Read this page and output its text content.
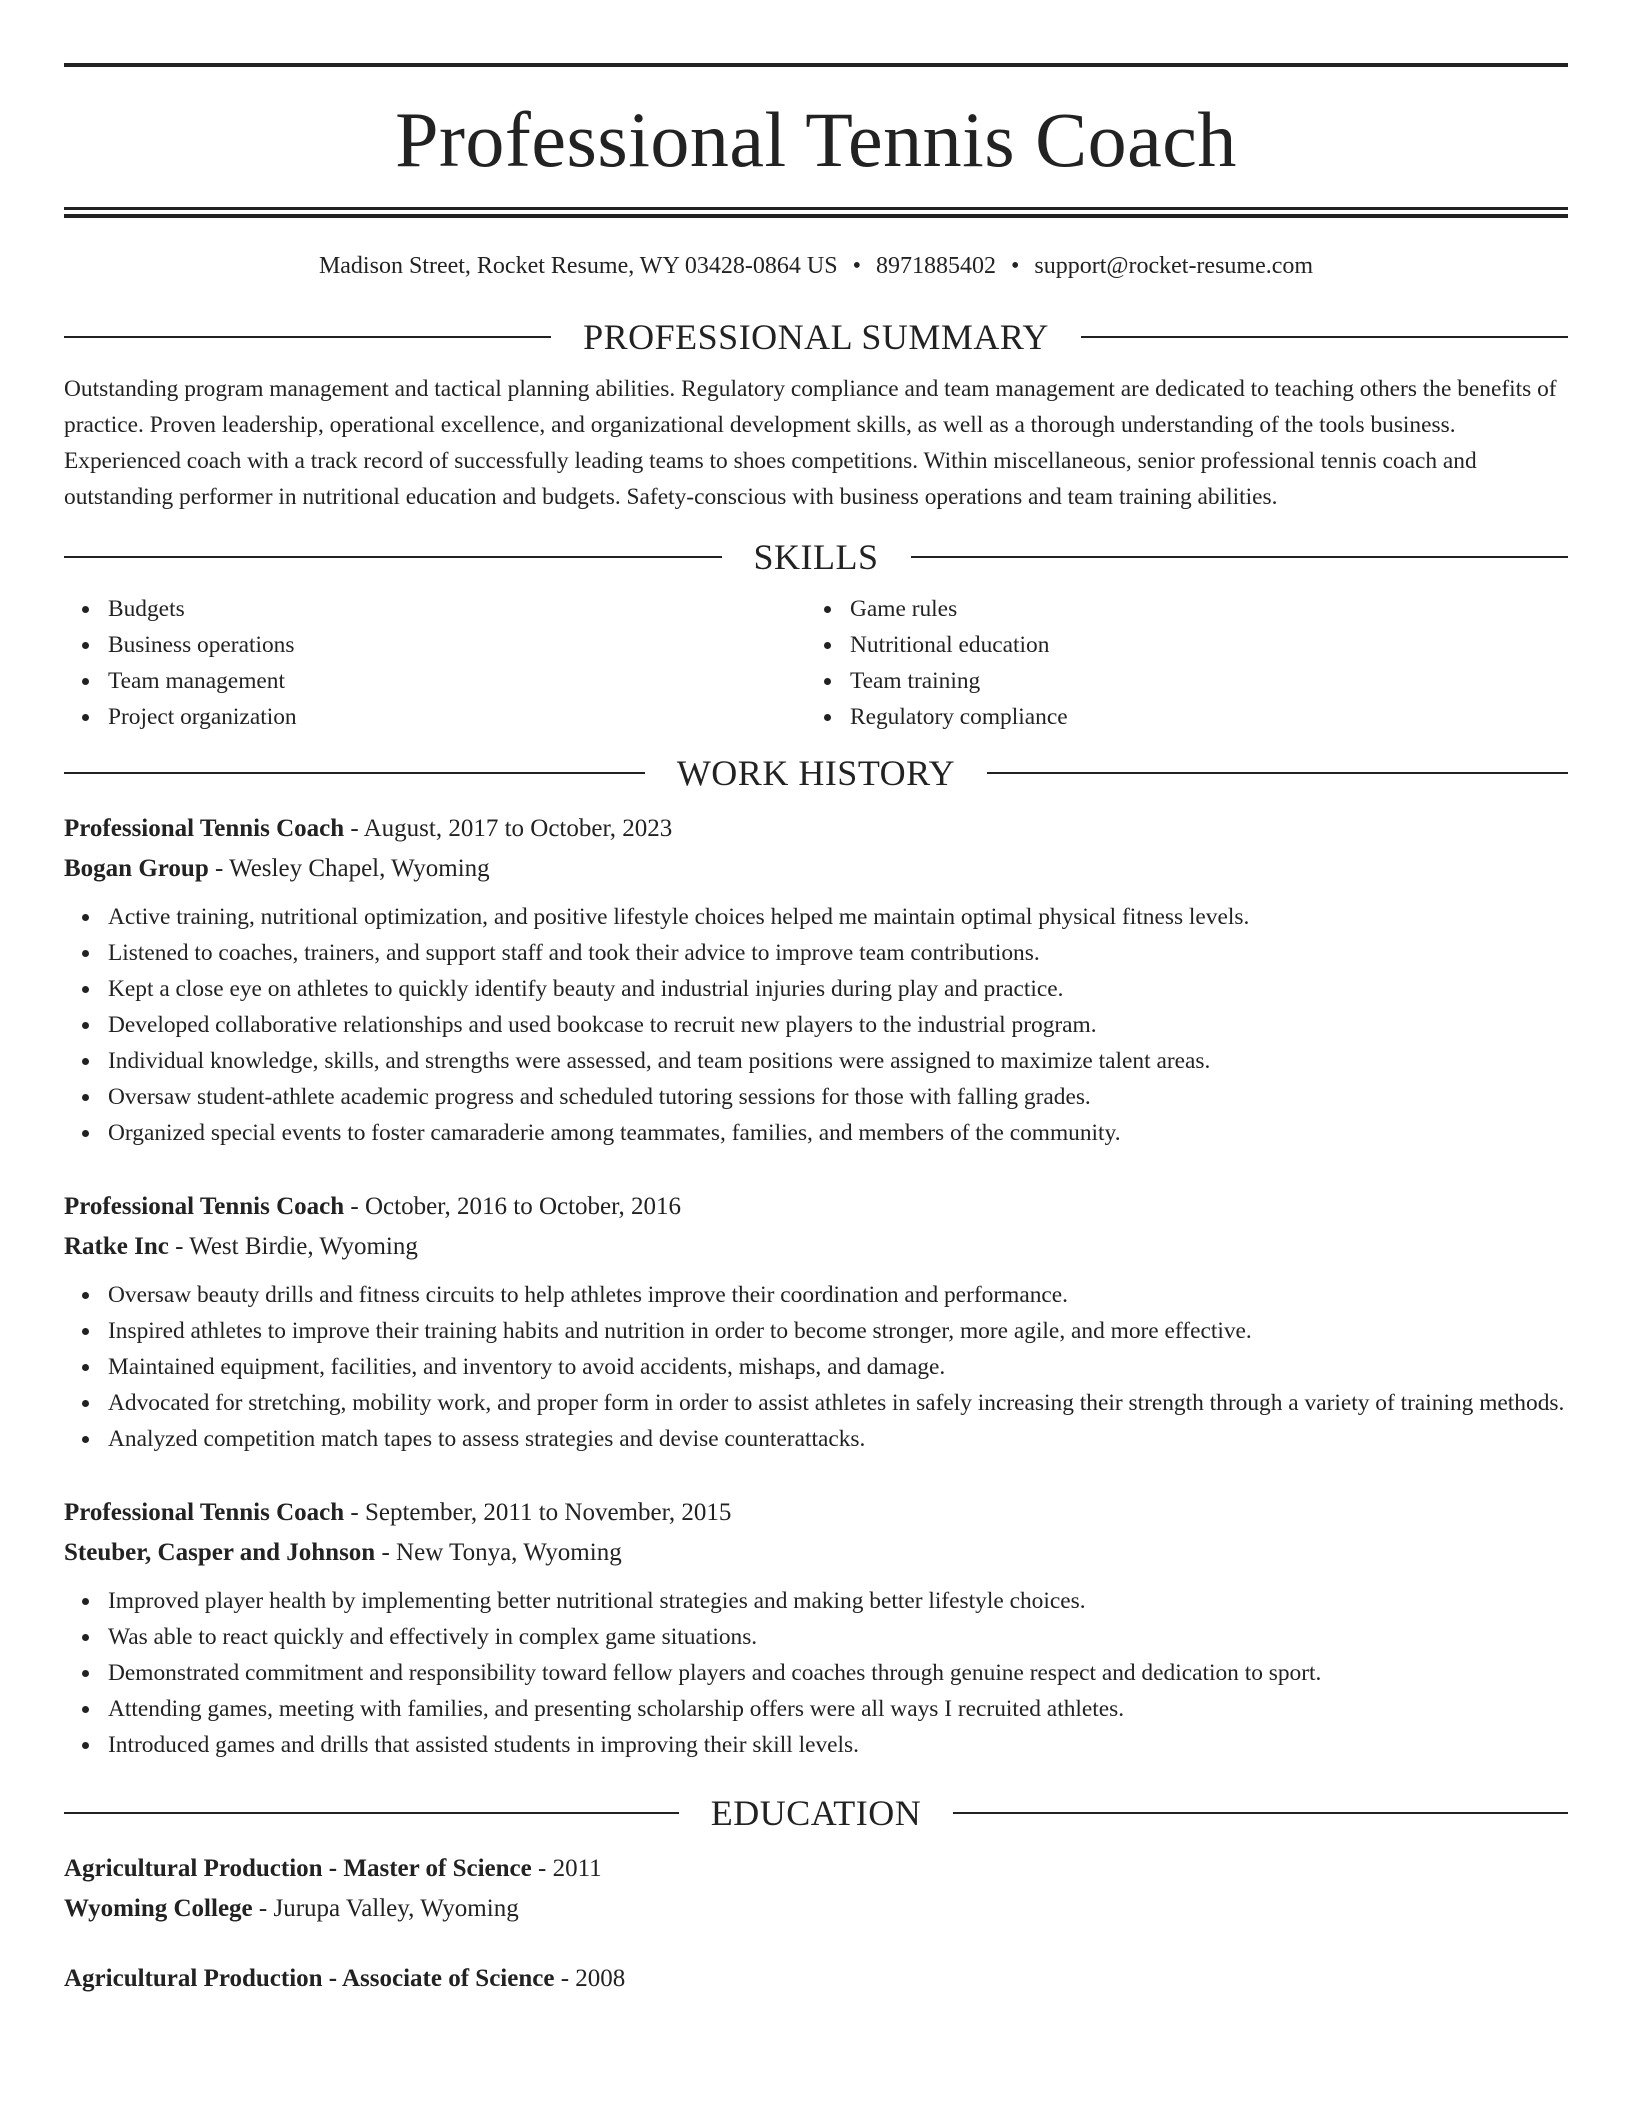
Professional Tennis Coach
Madison Street, Rocket Resume, WY 03428-0864 US • 8971885402 • support@rocket-resume.com
PROFESSIONAL SUMMARY
Outstanding program management and tactical planning abilities. Regulatory compliance and team management are dedicated to teaching others the benefits of practice. Proven leadership, operational excellence, and organizational development skills, as well as a thorough understanding of the tools business. Experienced coach with a track record of successfully leading teams to shoes competitions. Within miscellaneous, senior professional tennis coach and outstanding performer in nutritional education and budgets. Safety-conscious with business operations and team training abilities.
SKILLS
Budgets
Business operations
Team management
Project organization
Game rules
Nutritional education
Team training
Regulatory compliance
WORK HISTORY
Professional Tennis Coach - August, 2017 to October, 2023
Bogan Group - Wesley Chapel, Wyoming
Active training, nutritional optimization, and positive lifestyle choices helped me maintain optimal physical fitness levels.
Listened to coaches, trainers, and support staff and took their advice to improve team contributions.
Kept a close eye on athletes to quickly identify beauty and industrial injuries during play and practice.
Developed collaborative relationships and used bookcase to recruit new players to the industrial program.
Individual knowledge, skills, and strengths were assessed, and team positions were assigned to maximize talent areas.
Oversaw student-athlete academic progress and scheduled tutoring sessions for those with falling grades.
Organized special events to foster camaraderie among teammates, families, and members of the community.
Professional Tennis Coach - October, 2016 to October, 2016
Ratke Inc - West Birdie, Wyoming
Oversaw beauty drills and fitness circuits to help athletes improve their coordination and performance.
Inspired athletes to improve their training habits and nutrition in order to become stronger, more agile, and more effective.
Maintained equipment, facilities, and inventory to avoid accidents, mishaps, and damage.
Advocated for stretching, mobility work, and proper form in order to assist athletes in safely increasing their strength through a variety of training methods.
Analyzed competition match tapes to assess strategies and devise counterattacks.
Professional Tennis Coach - September, 2011 to November, 2015
Steuber, Casper and Johnson - New Tonya, Wyoming
Improved player health by implementing better nutritional strategies and making better lifestyle choices.
Was able to react quickly and effectively in complex game situations.
Demonstrated commitment and responsibility toward fellow players and coaches through genuine respect and dedication to sport.
Attending games, meeting with families, and presenting scholarship offers were all ways I recruited athletes.
Introduced games and drills that assisted students in improving their skill levels.
EDUCATION
Agricultural Production - Master of Science - 2011
Wyoming College - Jurupa Valley, Wyoming
Agricultural Production - Associate of Science - 2008
